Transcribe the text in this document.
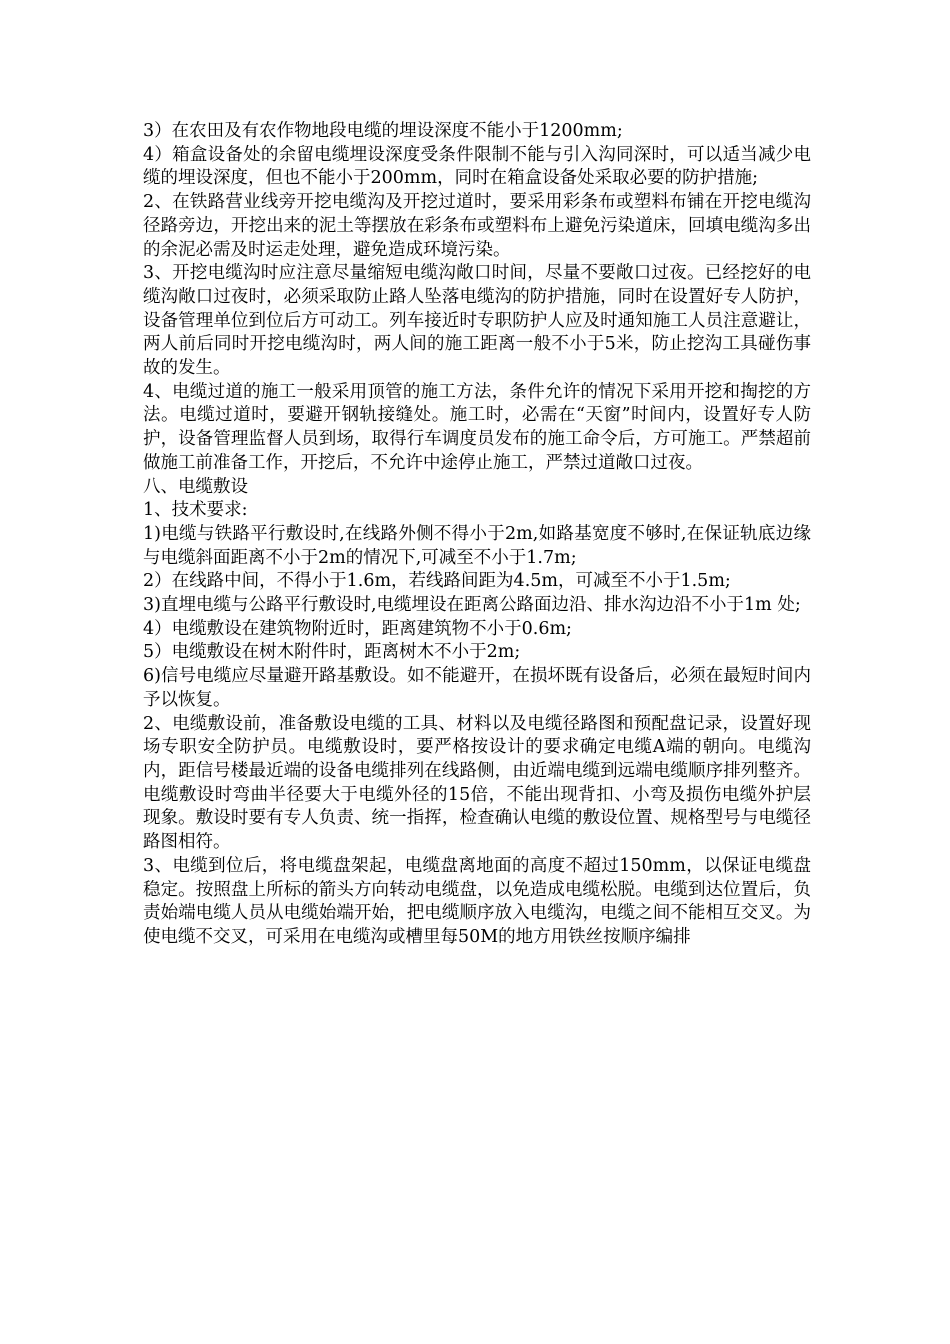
3）在农田及有农作物地段电缆的埋设深度不能小于1200mm;

4）箱盒设备处的余留电缆埋设深度受条件限制不能与引入沟同深时，可以适当减少电缆的埋设深度，但也不能小于200mm，同时在箱盒设备处采取必要的防护措施;

2、在铁路营业线旁开挖电缆沟及开挖过道时，要采用彩条布或塑料布铺在开挖电缆沟径路旁边，开挖出来的泥土等摆放在彩条布或塑料布上避免污染道床，回填电缆沟多出的余泥必需及时运走处理，避免造成环境污染。

3、开挖电缆沟时应注意尽量缩短电缆沟敞口时间，尽量不要敞口过夜。已经挖好的电缆沟敞口过夜时，必须采取防止路人坠落电缆沟的防护措施，同时在设置好专人防护，设备管理单位到位后方可动工。列车接近时专职防护人应及时通知施工人员注意避让，两人前后同时开挖电缆沟时，两人间的施工距离一般不小于5米，防止挖沟工具碰伤事故的发生。

4、电缆过道的施工一般采用顶管的施工方法，条件允许的情况下采用开挖和掏挖的方法。电缆过道时，要避开钢轨接缝处。施工时，必需在“天窗”时间内，设置好专人防护，设备管理监督人员到场，取得行车调度员发布的施工命令后，方可施工。严禁超前做施工前准备工作，开挖后，不允许中途停止施工，严禁过道敞口过夜。

八、电缆敷设

1、技术要求:

1)电缆与铁路平行敷设时,在线路外侧不得小于2m,如路基宽度不够时,在保证轨底边缘与电缆斜面距离不小于2m的情况下,可减至不小于1.7m;

2）在线路中间，不得小于1.6m，若线路间距为4.5m，可减至不小于1.5m;

3)直埋电缆与公路平行敷设时,电缆埋设在距离公路面边沿、排水沟边沿不小于1m 处;

4）电缆敷设在建筑物附近时，距离建筑物不小于0.6m;

5）电缆敷设在树木附件时，距离树木不小于2m;

6)信号电缆应尽量避开路基敷设。如不能避开，在损坏既有设备后，必须在最短时间内予以恢复。

2、电缆敷设前，准备敷设电缆的工具、材料以及电缆径路图和预配盘记录，设置好现场专职安全防护员。电缆敷设时，要严格按设计的要求确定电缆A端的朝向。电缆沟内，距信号楼最近端的设备电缆排列在线路侧，由近端电缆到远端电缆顺序排列整齐。电缆敷设时弯曲半径要大于电缆外径的15倍，不能出现背扣、小弯及损伤电缆外护层现象。敷设时要有专人负责、统一指挥，检查确认电缆的敷设位置、规格型号与电缆径路图相符。

3、电缆到位后，将电缆盘架起，电缆盘离地面的高度不超过150mm，以保证电缆盘稳定。按照盘上所标的箭头方向转动电缆盘，以免造成电缆松脱。电缆到达位置后，负责始端电缆人员从电缆始端开始，把电缆顺序放入电缆沟，电缆之间不能相互交叉。为使电缆不交叉，可采用在电缆沟或槽里每50M的地方用铁丝按顺序编排
